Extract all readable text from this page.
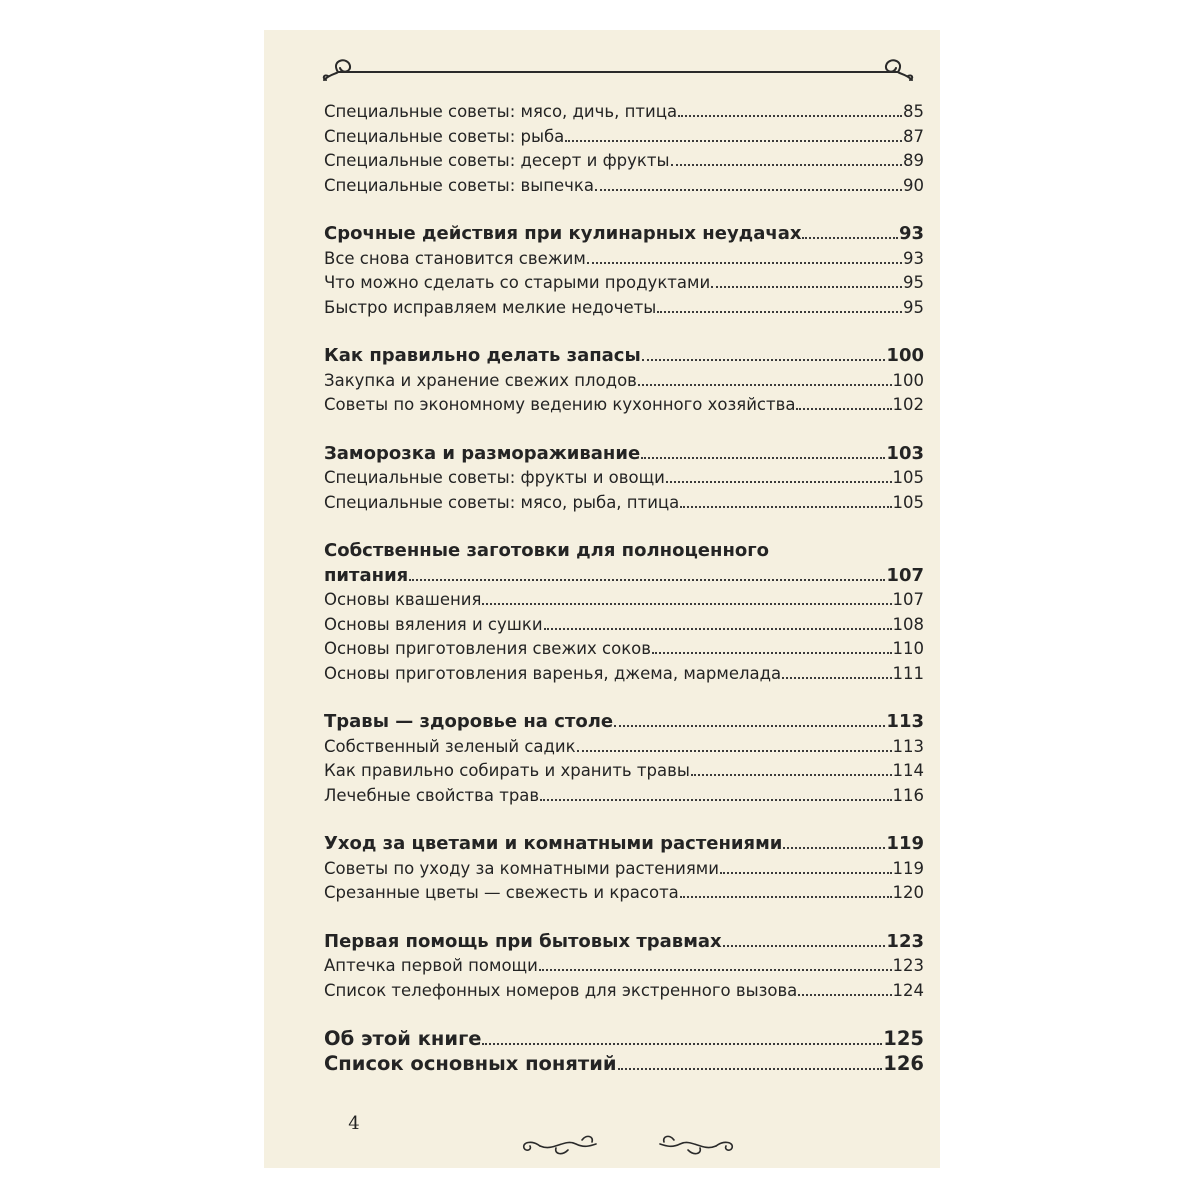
Специальные советы: мясо, дичь, птица	85
Специальные советы: рыба	87
Специальные советы: десерт и фрукты	89
Специальные советы: выпечка	90
Срочные действия при кулинарных неудачах	93
Все снова становится свежим	93
Что можно сделать со старыми продуктами	95
Быстро исправляем мелкие недочеты	95
Как правильно делать запасы	100
Закупка и хранение свежих плодов	100
Советы по экономному ведению кухонного хозяйства	102
Заморозка и размораживание	103
Специальные советы: фрукты и овощи	105
Специальные советы: мясо, рыба, птица	105
Собственные заготовки для полноценного
питания	107
Основы квашения	107
Основы вяления и сушки	108
Основы приготовления свежих соков	110
Основы приготовления варенья, джема, мармелада	111
Травы — здоровье на столе	113
Собственный зеленый садик	113
Как правильно собирать и хранить травы	114
Лечебные свойства трав	116
Уход за цветами и комнатными растениями	119
Советы по уходу за комнатными растениями	119
Срезанные цветы — свежесть и красота	120
Первая помощь при бытовых травмах	123
Аптечка первой помощи	123
Список телефонных номеров для экстренного вызова	124
Об этой книге	125
Список основных понятий	126
4
